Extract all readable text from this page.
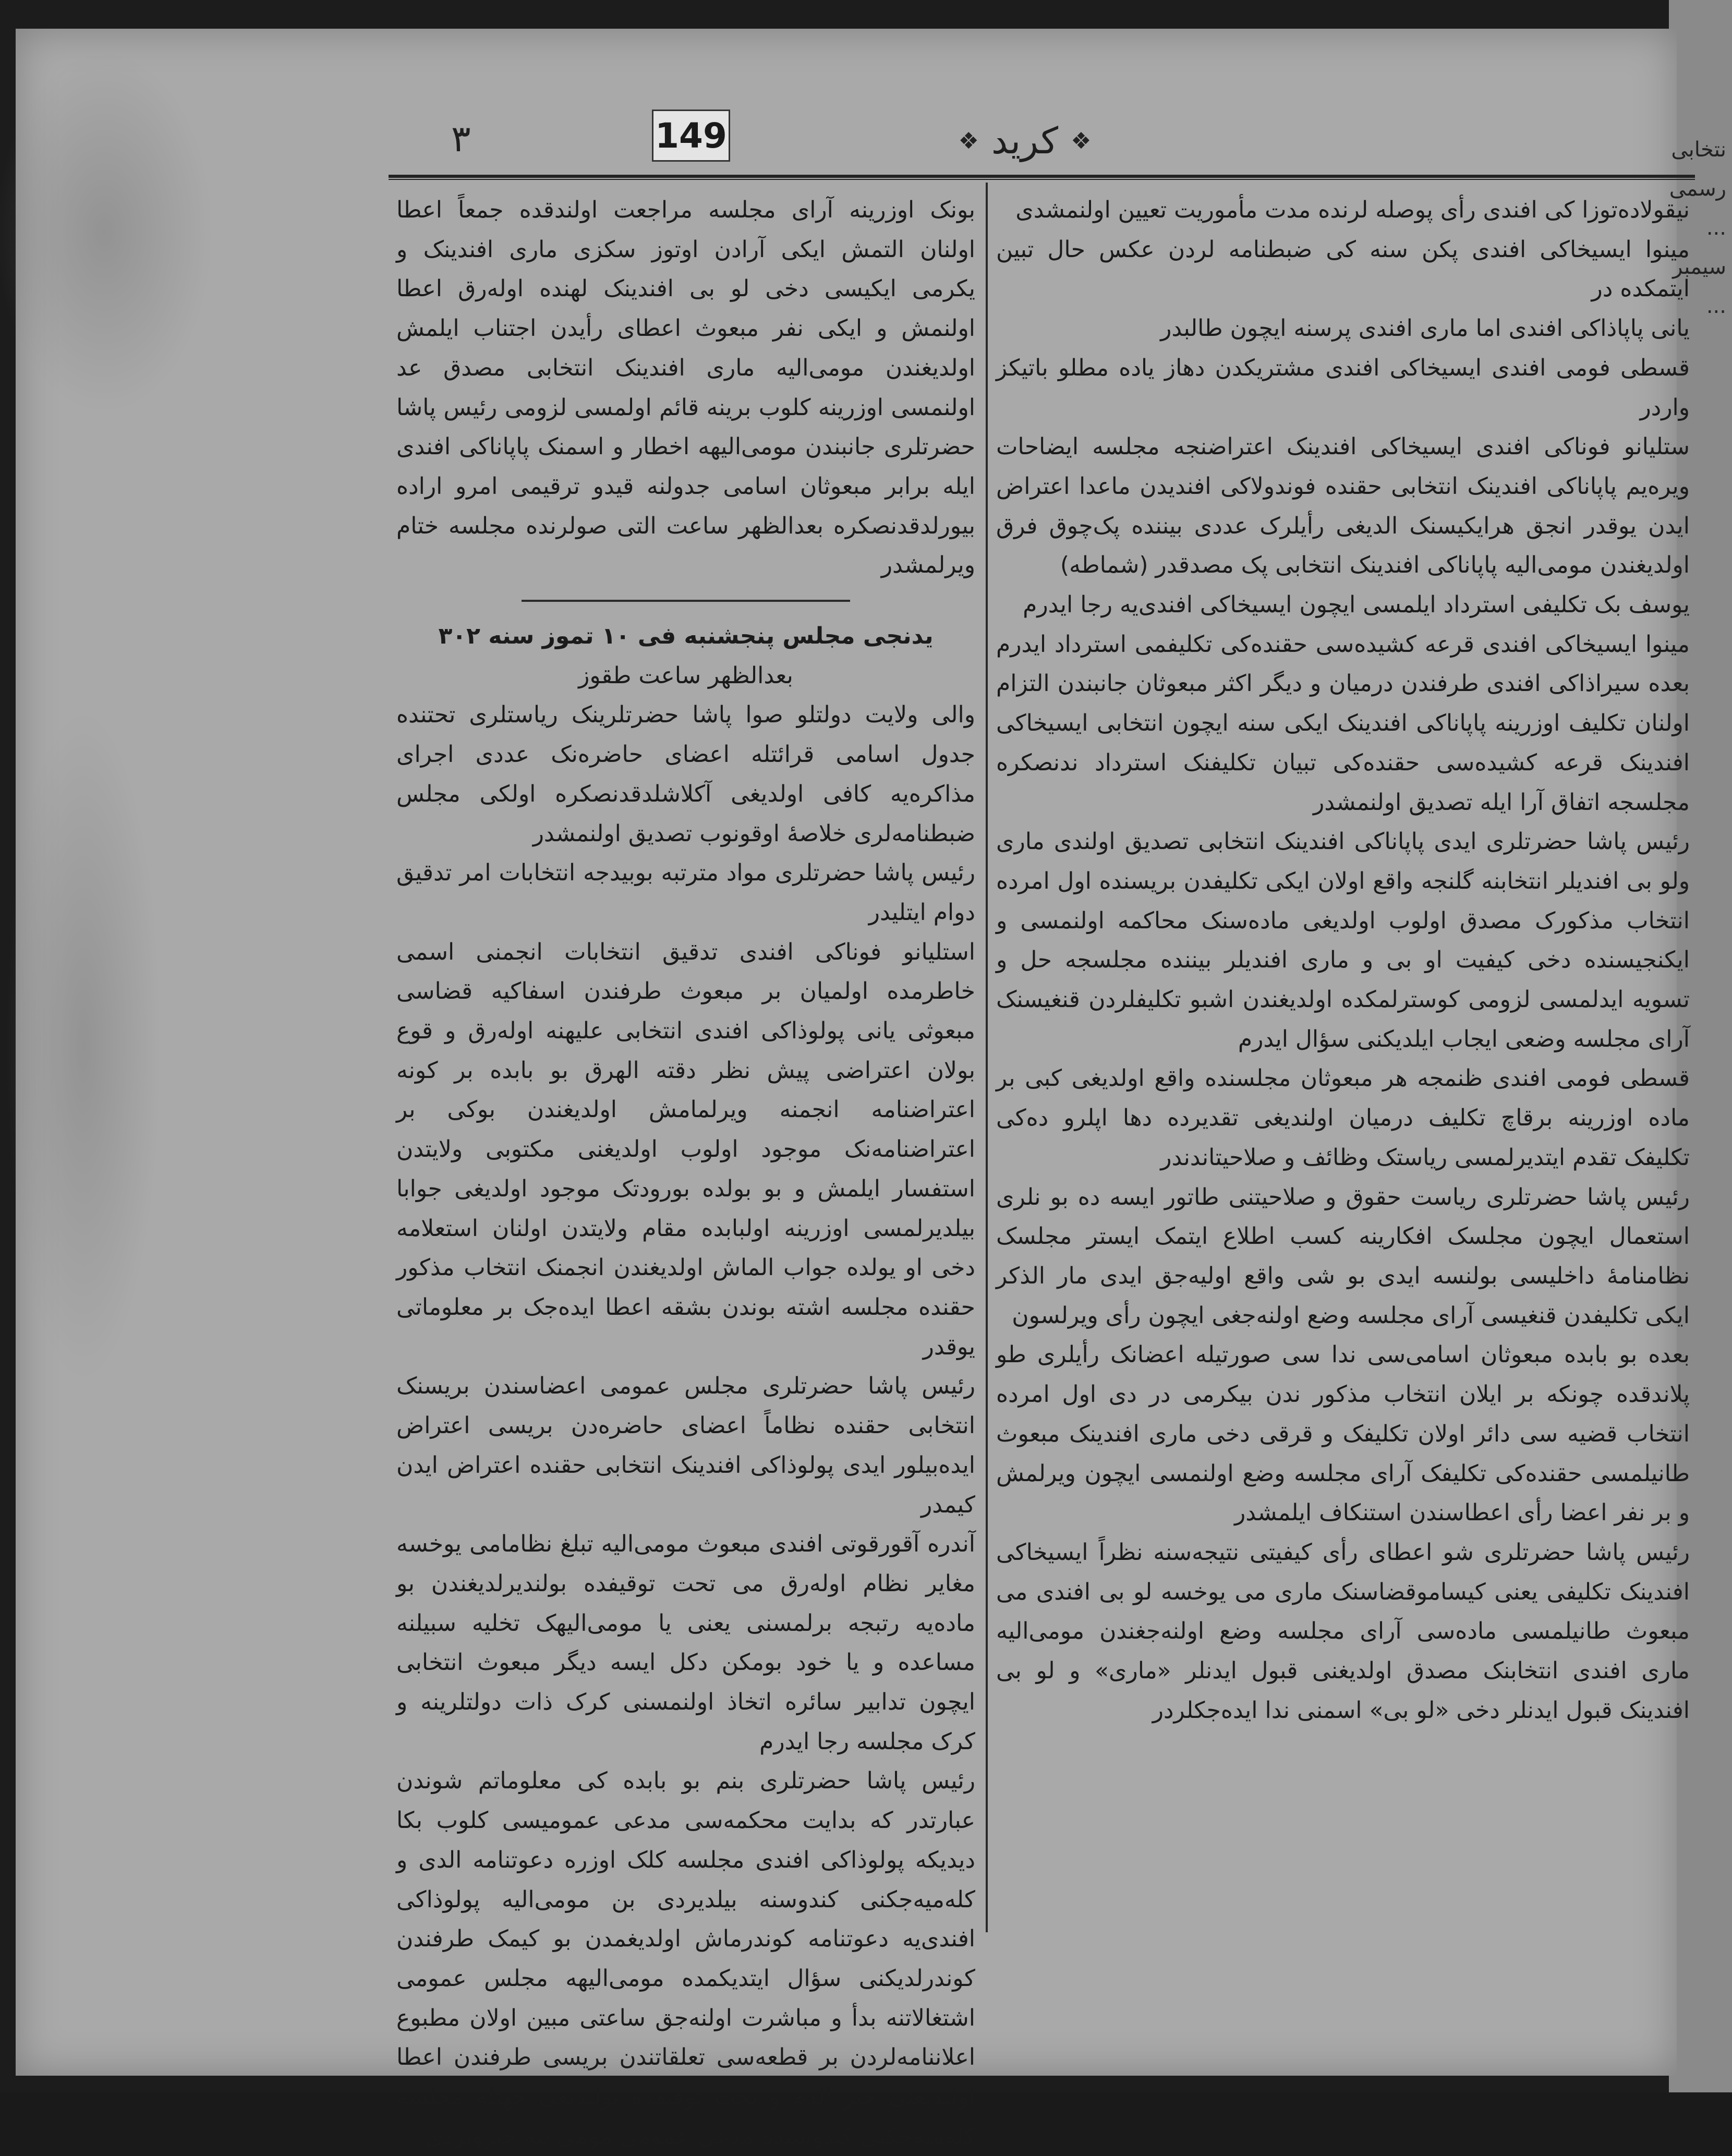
٣	149	❖
کرید
❖

نیقولاده‌توزا کی افندی رأی پوصله لرنده مدت مأموریت تعیین اولنمشدی

مینوا ایسیخاکی افندی پکن سنه کی ضبطنامه لردن عکس حال تبین ایتمکده در

یانی پاپاذاکی افندی اما ماری افندی پرسنه ایچون طالبدر

قسطی فومی افندی ایسیخاکی افندی مشتریکدن دهاز یاده مطلو باتیکز واردر

ستلیانو فوناکی افندی ایسیخاکی افندینک اعتراضنجه مجلسه ایضاحات ویرەیم پاپاناکی افندینک انتخابی حقنده فوندولاکی افندیدن ماعدا اعتراض ایدن یوقدر انجق هرایکیسنک الدیغی رأیلرک عددی بیننده پک‌چوق فرق اولدیغندن مومی‌الیه پاپاناکی افندینک انتخابی پک مصدقدر (شماطه)

یوسف بک تکلیفی استرداد ایلمسی ایچون ایسیخاکی افندی‌یه رجا ایدرم

مینوا ایسیخاکی افندی قرعه کشیده‌سی حقنده‌کی تکلیفمی استرداد ایدرم بعده سیراذاکی افندی طرفندن درمیان و دیگر اکثر مبعوثان جانبندن التزام اولنان تکلیف اوزرینه پاپاناکی افندینک ایکی سنه ایچون انتخابی ایسیخاکی افندینک قرعه کشیده‌سی حقنده‌کی تبیان تکلیفنک استرداد ندنصکره مجلسجه اتفاق آرا ایله تصدیق اولنمشدر

رئیس پاشا حضرتلری ایدی پاپاناکی افندینک انتخابی تصدیق اولندی ماری ولو بی افندیلر انتخابنه گلنجه واقع اولان ایکی تکلیفدن بریسنده اول امرده انتخاب مذکورک مصدق اولوب اولدیغی ماده‌سنک محاکمه اولنمسی و ایکنجیسنده دخی کیفیت او بی و ماری افندیلر بیننده مجلسجه حل و تسویه ایدلمسی لزومی کوسترلمکده اولدیغندن اشبو تکلیفلردن قنغیسنک آرای مجلسه وضعی ایجاب ایلدیکنی سؤال ایدرم

قسطی فومی افندی ظنمجه هر مبعوثان مجلسنده واقع اولدیغی کبی بر ماده اوزرینه برقاچ تکلیف درمیان اولندیغی تقدیرده دها اپلرو ده‌کی تکلیفک تقدم ایتدیرلمسی ریاستک وظائف و صلاحیتاندندر

رئیس پاشا حضرتلری ریاست حقوق و صلاحیتنی طاتور ایسه ده بو نلری استعمال ایچون مجلسک افکارینه کسب اطلاع ایتمک ایستر مجلسک نظامنامهٔ داخلیسی بولنسه ایدی بو شی واقع اولیه‌جق ایدی مار الذکر ایکی تکلیفدن قنغیسی آرای مجلسه وضع اولنه‌جغی ایچون رأی ویرلسون

بعده بو بابده مبعوثان اسامی‌سی ندا سی صورتیله اعضانک رأیلری طو پلاندقده چونکه بر ایلان انتخاب مذکور ندن بیکرمی در دی اول امرده انتخاب قضیه سی دائر اولان تکلیفک و قرقی دخی ماری افندینک مبعوث طانیلمسی حقنده‌کی تکلیفک آرای مجلسه وضع اولنمسی ایچون ویرلمش و بر نفر اعضا رأی اعطاسندن استنکاف ایلمشدر

رئیس پاشا حضرتلری شو اعطای رأی کیفیتی نتیجه‌سنه نظراً ایسیخاکی افندینک تکلیفی یعنی کیساموقضاسنک ماری می یوخسه لو بی افندی می مبعوث طانیلمسی ماده‌سی آرای مجلسه وضع اولنه‌جغندن مومی‌الیه ماری افندی انتخابنک مصدق اولدیغنی قبول ایدنلر «ماری» و لو بی افندینک قبول ایدنلر دخی «لو بی» اسمنی ندا ایده‌جکلردر

بونک اوزرینه آرای مجلسه مراجعت اولندقده جمعاً اعطا اولنان التمش ایکی آرادن اوتوز سکزی ماری افندینک و یکرمی ایکیسی دخی لو بی افندینک لهنده اوله‌رق اعطا اولنمش و ایکی نفر مبعوث اعطای رأیدن اجتناب ایلمش اولدیغندن مومی‌الیه ماری افندینک انتخابی مصدق عد اولنمسی اوزرینه کلوب برینه قائم اولمسی لزومی رئیس پاشا حضرتلری جانبندن مومی‌الیهه اخطار و اسمنک پاپاناکی افندی ایله برابر مبعوثان اسامی جدولنه قیدو ترقیمی امرو اراده بیورلدقدنصکره بعدالظهر ساعت التی صولرنده مجلسه ختام ویرلمشدر

یدنجی مجلس پنجشنبه فی ۱۰ تموز سنه ۳۰۲

بعدالظهر ساعت طقوز

والی ولایت دولتلو صوا پاشا حضرتلرینک ریاستلری تحتنده جدول اسامی قرائتله اعضای حاضره‌نک عددی اجرای مذاکره‌یه کافی اولدیغی آکلاشلدقدنصکره اولکی مجلس ضبطنامه‌لری خلاصهٔ اوقونوب تصدیق اولنمشدر

رئیس پاشا حضرتلری مواد مترتبه بوبیدجه انتخابات امر تدقیق دوام ایتلیدر

استلیانو فوناکی افندی تدقیق انتخابات انجمنی اسمی خاطرمده اولمیان بر مبعوث طرفندن اسفاکیه قضاسی مبعوثی یانی پولوذاکی افندی انتخابی علیهنه اوله‌رق و قوع بولان اعتراضی پیش نظر دقته الهرق بو بابده بر کونه اعتراضنامه انجمنه ویرلمامش اولدیغندن بوکی بر اعتراضنامه‌نک موجود اولوب اولدیغنی مکتوبی ولایتدن استفسار ایلمش و بو بولده بورودتک موجود اولدیغی جوابا بیلدیرلمسی اوزرینه اولبابده مقام ولایتدن اولنان استعلامه دخی او یولده جواب الماش اولدیغندن انجمنک انتخاب مذکور حقنده مجلسه اشته بوندن بشقه اعطا ایده‌جک بر معلوماتی یوقدر

رئیس پاشا حضرتلری مجلس عمومی اعضاسندن بریسنک انتخابی حقنده نظاماً اعضای حاضره‌دن بریسی اعتراض ایده‌بیلور ایدی پولوذاکی افندینک انتخابی حقنده اعتراض ایدن کیمدر

آندره آقورقوتی افندی مبعوث مومی‌الیه تبلغ نظامامی یوخسه مغایر نظام اوله‌رق می تحت توقیفده بولندیرلدیغندن بو ماده‌یه رتبجه برلمسنی یعنی یا مومی‌الیهک تخلیه سبیلنه مساعده و یا خود بومکن دکل ایسه دیگر مبعوث انتخابی ایچون تدابیر سائره اتخاذ اولنمسنی کرک ذات دولتلرینه و کرک مجلسه رجا ایدرم

رئیس پاشا حضرتلری بنم بو بابده کی معلوماتم شوندن عبارتدر که بدایت محکمه‌سی مدعی عمومیسی کلوب بکا دیدیکه پولوذاکی افندی مجلسه کلک اوزره دعوتنامه الدی و کله‌میه‌جکنی کندوسنه بیلدیردی بن مومی‌الیه پولوذاکی افندی‌یه دعوتنامه کوندرماش اولدیغمدن بو کیمک طرفندن کوندرلدیکنی سؤال ایتدیکمده مومی‌الیهه مجلس عمومی اشتغالاتنه بدأ و مباشرت اولنه‌جق ساعتی مبین اولان مطبوع اعلاننامه‌لردن بر قطعه‌سی تعلقاتندن بریسی طرفندن اعطا اولندیغنی خبر الدم و تحت توقیفده بولندیغی جهتله مجلسه کله‌میه‌جکنی کندوسنده مدعی عمومی مومی‌الیه خبرویردی

نتخابی رسمی ... سیمبر ...
